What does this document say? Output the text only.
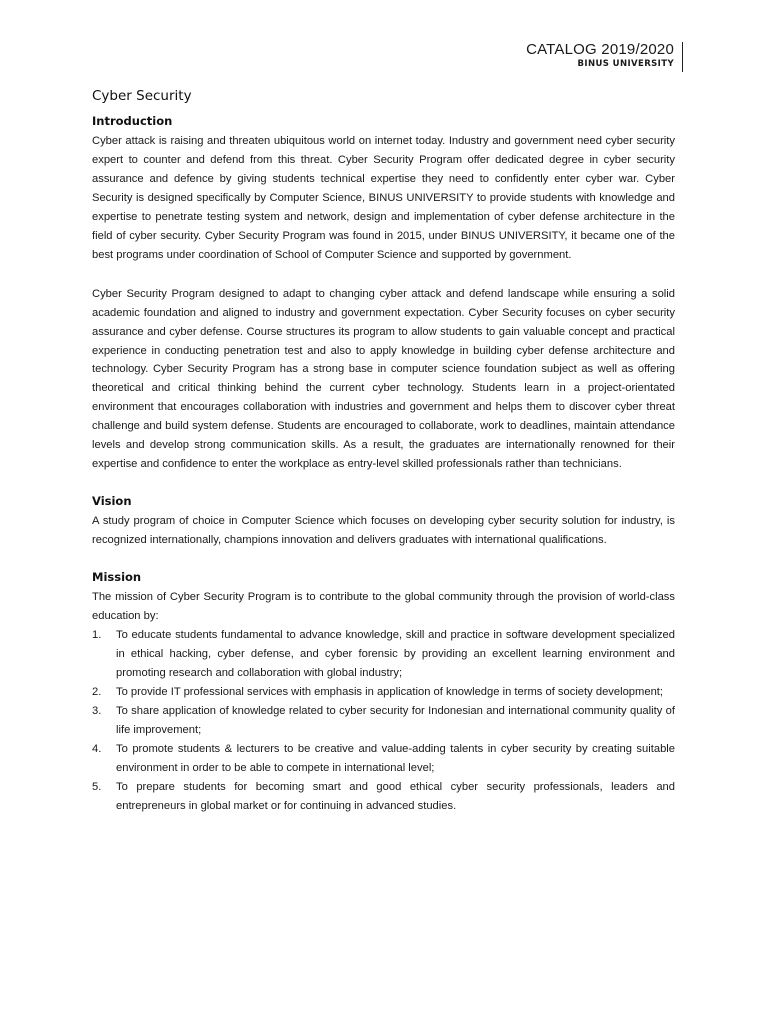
CATALOG 2019/2020
BINUS UNIVERSITY
Cyber Security
Introduction

Cyber attack is raising and threaten ubiquitous world on internet today. Industry and government need cyber security expert to counter and defend from this threat. Cyber Security Program offer dedicated degree in cyber security assurance and defence by giving students technical expertise they need to confidently enter cyber war. Cyber Security is designed specifically by Computer Science, BINUS UNIVERSITY to provide students with knowledge and expertise to penetrate testing system and network, design and implementation of cyber defense architecture in the field of cyber security. Cyber Security Program was found in 2015, under BINUS UNIVERSITY, it became one of the best programs under coordination of School of Computer Science and supported by government.

Cyber Security Program designed to adapt to changing cyber attack and defend landscape while ensuring a solid academic foundation and aligned to industry and government expectation. Cyber Security focuses on cyber security assurance and cyber defense. Course structures its program to allow students to gain valuable concept and practical experience in conducting penetration test and also to apply knowledge in building cyber defense architecture and technology. Cyber Security Program has a strong base in computer science foundation subject as well as offering theoretical and critical thinking behind the current cyber technology. Students learn in a project-orientated environment that encourages collaboration with industries and government and helps them to discover cyber threat challenge and build system defense. Students are encouraged to collaborate, work to deadlines, maintain attendance levels and develop strong communication skills. As a result, the graduates are internationally renowned for their expertise and confidence to enter the workplace as entry-level skilled professionals rather than technicians.

Vision

A study program of choice in Computer Science which focuses on developing cyber security solution for industry, is recognized internationally, champions innovation and delivers graduates with international qualifications.

Mission

The mission of Cyber Security Program is to contribute to the global community through the provision of world-class education by:

1.	To educate students fundamental to advance knowledge, skill and practice in software development specialized in ethical hacking, cyber defense, and cyber forensic by providing an excellent learning environment and promoting research and collaboration with global industry;
2.	To provide IT professional services with emphasis in application of knowledge in terms of society development;
3.	To share application of knowledge related to cyber security for Indonesian and international community quality of life improvement;
4.	To promote students & lecturers to be creative and value-adding talents in cyber security by creating suitable environment in order to be able to compete in international level;
5.	To prepare students for becoming smart and good ethical cyber security professionals, leaders and entrepreneurs in global market or for continuing in advanced studies.
